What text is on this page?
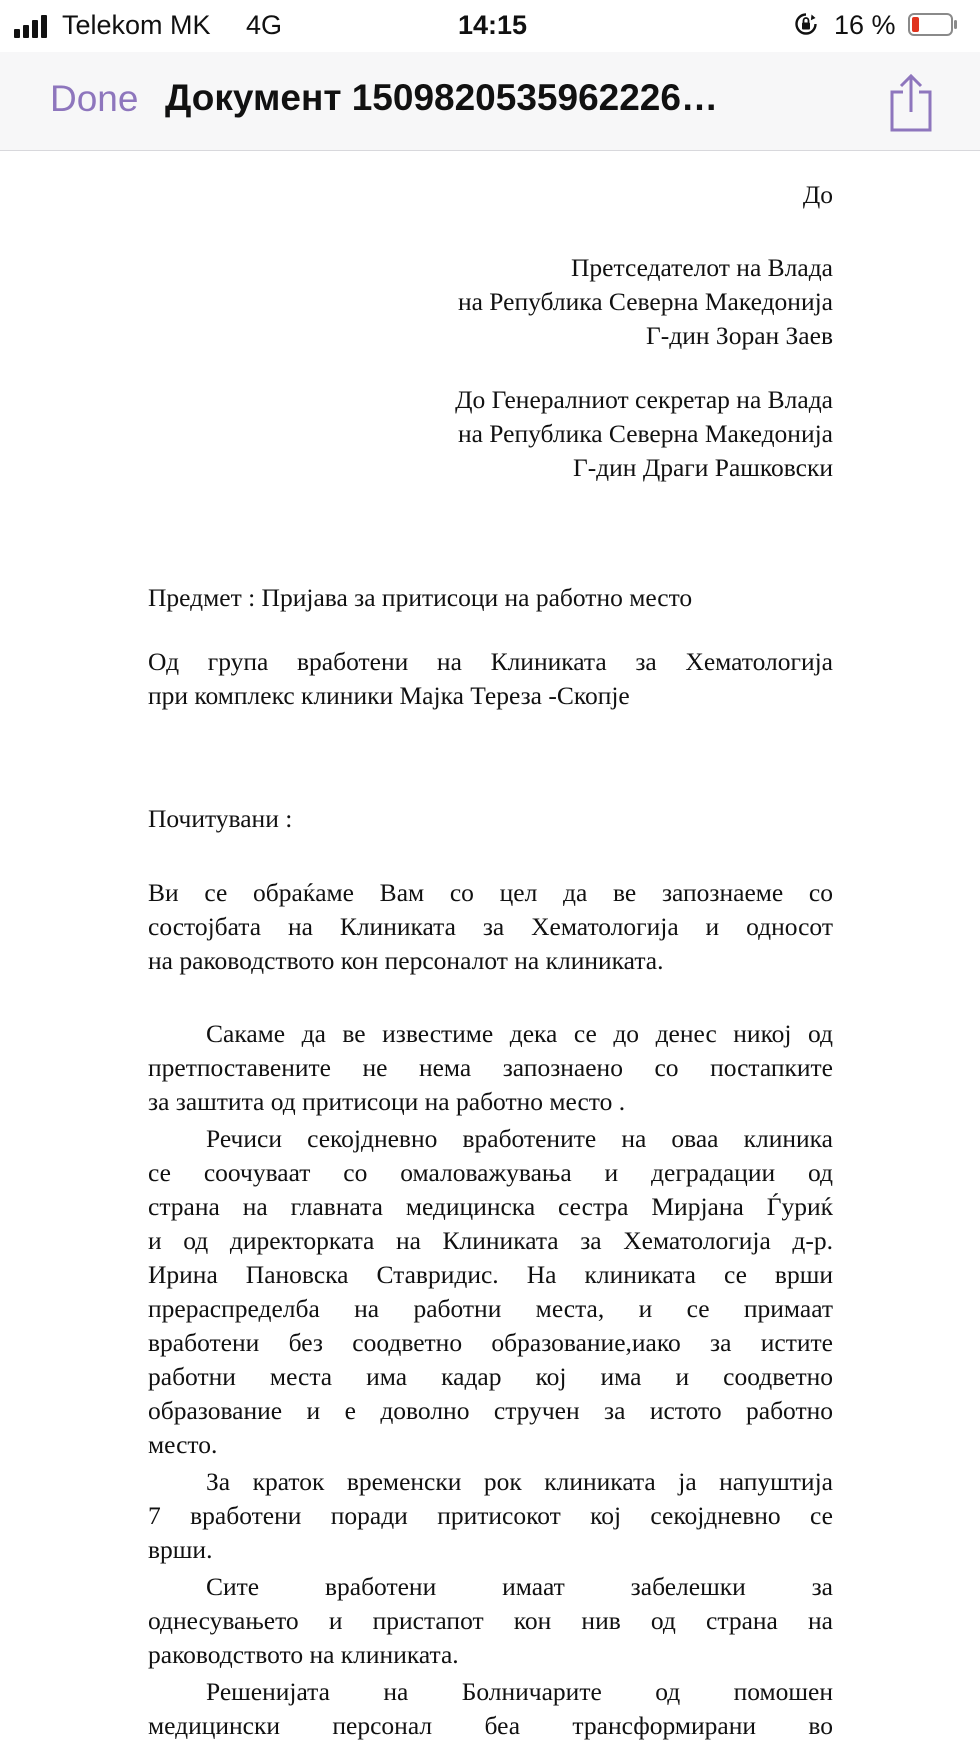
Telekom MK 4G	14:15	16 %
Done Документ 1509820535962226…
До
Претседателот на Влада
на Република Северна Македонија
Г-дин Зоран Заев
До Генералниот секретар на Влада
на Република Северна Македонија
Г-дин Драги Рашковски
Предмет : Пријава за притисоци на работно место
Од група вработени на Клиниката за Хематологија
при комплекс клиники Мајка Тереза -Скопје
Почитувани :
Ви се обраќаме Вам со цел да ве запознаеме со
состојбата на Клиниката за Хематологија и односот
на раководството кон персоналот на клиниката.
Сакаме да ве известиме дека се до денес никој од
претпоставените не нема запознаено со постапките
за заштита од притисоци на работно место .
Речиси секојдневно вработените на оваа клиника
се соочуваат со омаловажувања и деградации од
страна на главната медицинска сестра Мирјана Ѓуриќ
и од директорката на Клиниката за Хематологија д-р.
Ирина Пановска Ставридис. На клиниката се врши
прераспределба на работни места, и се примаат
вработени без соодветно образование,иако за истите
работни места има кадар кој има и соодветно
образование и е доволно стручен за истото работно
место.
За краток временски рок клиниката ја напуштија
7 вработени поради притисокот кој секојдневно се
врши.
Сите вработени имаат забелешки за
однесувањето и пристапот кон нив од страна на
раководството на клиниката.
Решенијата на Болничарите од помошен
медицински персонал беа трансформирани во
